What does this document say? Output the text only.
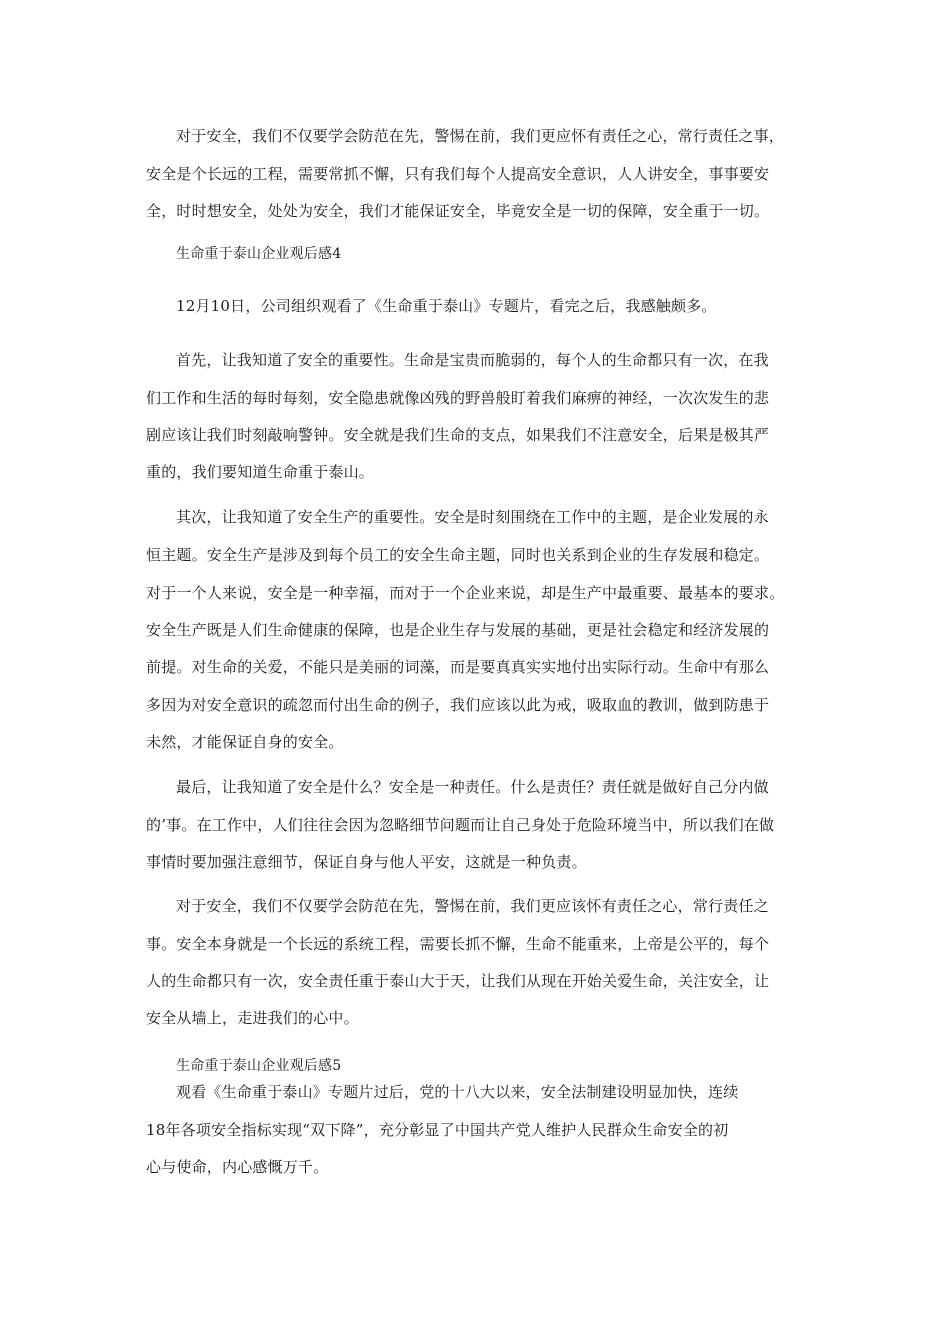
对于安全，我们不仅要学会防范在先，警惕在前，我们更应怀有责任之心，常行责任之事，
安全是个长远的工程，需要常抓不懈，只有我们每个人提高安全意识，人人讲安全，事事要安
全，时时想安全，处处为安全，我们才能保证安全，毕竟安全是一切的保障，安全重于一切。
生命重于泰山企业观后感4
12月10日，公司组织观看了《生命重于泰山》专题片，看完之后，我感触颇多。
首先，让我知道了安全的重要性。生命是宝贵而脆弱的，每个人的生命都只有一次，在我
们工作和生活的每时每刻，安全隐患就像凶残的野兽般盯着我们麻痹的神经，一次次发生的悲
剧应该让我们时刻敲响警钟。安全就是我们生命的支点，如果我们不注意安全，后果是极其严
重的，我们要知道生命重于泰山。
其次，让我知道了安全生产的重要性。安全是时刻围绕在工作中的主题，是企业发展的永
恒主题。安全生产是涉及到每个员工的安全生命主题，同时也关系到企业的生存发展和稳定。
对于一个人来说，安全是一种幸福，而对于一个企业来说，却是生产中最重要、最基本的要求。
安全生产既是人们生命健康的保障，也是企业生存与发展的基础，更是社会稳定和经济发展的
前提。对生命的关爱，不能只是美丽的词藻，而是要真真实实地付出实际行动。生命中有那么
多因为对安全意识的疏忽而付出生命的例子，我们应该以此为戒，吸取血的教训，做到防患于
未然，才能保证自身的安全。
最后，让我知道了安全是什么？安全是一种责任。什么是责任？责任就是做好自己分内做
的’事。在工作中，人们往往会因为忽略细节问题而让自己身处于危险环境当中，所以我们在做
事情时要加强注意细节，保证自身与他人平安，这就是一种负责。
对于安全，我们不仅要学会防范在先，警惕在前，我们更应该怀有责任之心，常行责任之
事。安全本身就是一个长远的系统工程，需要长抓不懈，生命不能重来，上帝是公平的，每个
人的生命都只有一次，安全责任重于泰山大于天，让我们从现在开始关爱生命，关注安全，让
安全从墙上，走进我们的心中。
生命重于泰山企业观后感5
观看《生命重于泰山》专题片过后，党的十八大以来，安全法制建设明显加快，连续
18年各项安全指标实现“双下降”，充分彰显了中国共产党人维护人民群众生命安全的初
心与使命，内心感慨万千。
